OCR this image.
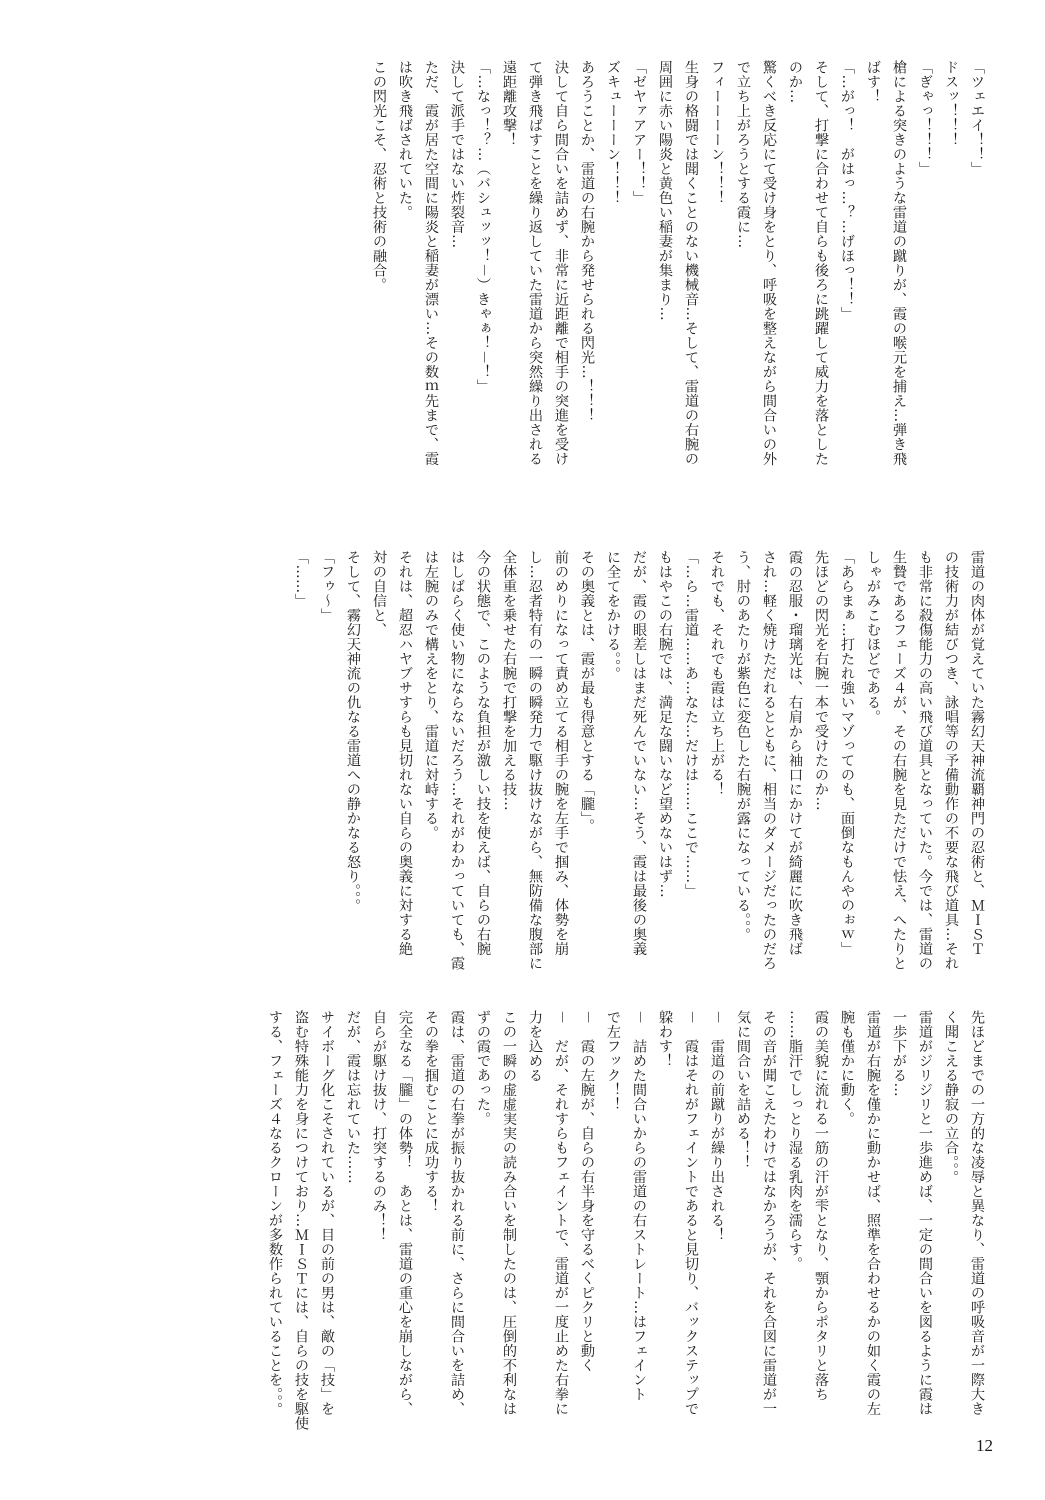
「ツェエイ！！」
ドスッ！！！
「ぎゃっ！！！」
槍による突きのような雷道の蹴りが、霞の喉元を捕え…弾き飛
ばす！
「…がっ！　がはっ…？…げほっ！！」
そして、打撃に合わせて自らも後ろに跳躍して威力を落とした
のか…
驚くべき反応にて受け身をとり、呼吸を整えながら間合いの外
で立ち上がろうとする霞に…
フィーーーーン！！！
生身の格闘では聞くことのない機械音…そして、雷道の右腕の
周囲に赤い陽炎と黄色い稲妻が集まり…
「ゼヤァアアー！！」
ズキューーーン！！！
あろうことか、雷道の右腕から発せられる閃光…！！！
決して自ら間合いを詰めず、非常に近距離で相手の突進を受け
て弾き飛ばすことを繰り返していた雷道から突然繰り出される
遠距離攻撃！
「…なっ！？…（バシュッッ！－）きゃぁ！－！」
決して派手ではない炸裂音…
ただ、霞が居た空間に陽炎と稲妻が漂い…その数ｍ先まで、霞
は吹き飛ばされていた。
この閃光こそ、忍術と技術の融合。
雷道の肉体が覚えていた霧幻天神流覇神門の忍術と、ＭＩＳＴ
の技術力が結びつき、詠唱等の予備動作の不要な飛び道具…それ
も非常に殺傷能力の高い飛び道具となっていた。今では、雷道の
生贄であるフェーズ４が、その右腕を見ただけで怯え、へたりと
しゃがみこむほどである。
「あらまぁ…打たれ強いマゾってのも、面倒なもんやのぉｗ」
先ほどの閃光を右腕一本で受けたのか…
霞の忍服・瑠璃光は、右肩から袖口にかけてが綺麗に吹き飛ば
され…軽く焼けただれるとともに、相当のダメージだったのだろ
う、肘のあたりが紫色に変色した右腕が露になっている。。。
それでも、それでも霞は立ち上がる！
「…ら…雷道……あ…なた…だけは……ここで……」
もはやこの右腕では、満足な闘いなど望めないはず…
だが、霞の眼差しはまだ死んでいない…そう、霞は最後の奥義
に全てをかける。。。
その奥義とは、霞が最も得意とする「朧」。
前のめりになって責め立てる相手の腕を左手で掴み、体勢を崩
し…忍者特有の一瞬の瞬発力で駆け抜けながら、無防備な腹部に
全体重を乗せた右腕で打撃を加える技…
今の状態で、このような負担が激しい技を使えば、自らの右腕
はしばらく使い物にならないだろう…それがわかっていても、霞
は左腕のみで構えをとり、雷道に対峙する。
それは、超忍ハヤブサすらも見切れない自らの奥義に対する絶
対の自信と、
そして、霧幻天神流の仇なる雷道への静かなる怒り。。。
「フゥ～」
「……」
先ほどまでの一方的な凌辱と異なり、雷道の呼吸音が一際大き
く聞こえる静寂の立合。。。
雷道がジリジリと一歩進めば、一定の間合いを図るように霞は
一歩下がる…
雷道が右腕を僅かに動かせば、照準を合わせるかの如く霞の左
腕も僅かに動く。
霞の美貌に流れる一筋の汗が雫となり、顎からポタリと落ち
……脂汗でしっとり湿る乳肉を濡らす。
その音が聞こえたわけではなかろうが、それを合図に雷道が一
気に間合いを詰める！！
－　雷道の前蹴りが繰り出される！
－　霞はそれがフェイントであると見切り、バックステップで
躱わす！
－　詰めた間合いからの雷道の右ストレート…はフェイント
で左フック！！
－　霞の左腕が、自らの右半身を守るべくピクリと動く
－　だが、それすらもフェイントで、雷道が一度止めた右拳に
力を込める
この一瞬の虚虚実実の読み合いを制したのは、圧倒的不利なは
ずの霞であった。
霞は、雷道の右拳が振り抜かれる前に、さらに間合いを詰め、
その拳を掴むことに成功する！
完全なる「朧」の体勢！　あとは、雷道の重心を崩しながら、
自らが駆け抜け、打突するのみ！！
だが、霞は忘れていた……
サイボーグ化こそされているが、目の前の男は、敵の「技」を
盗む特殊能力を身につけており…ＭＩＳＴには、自らの技を駆使
する、フェーズ４なるクローンが多数作られていることを。。。
12
